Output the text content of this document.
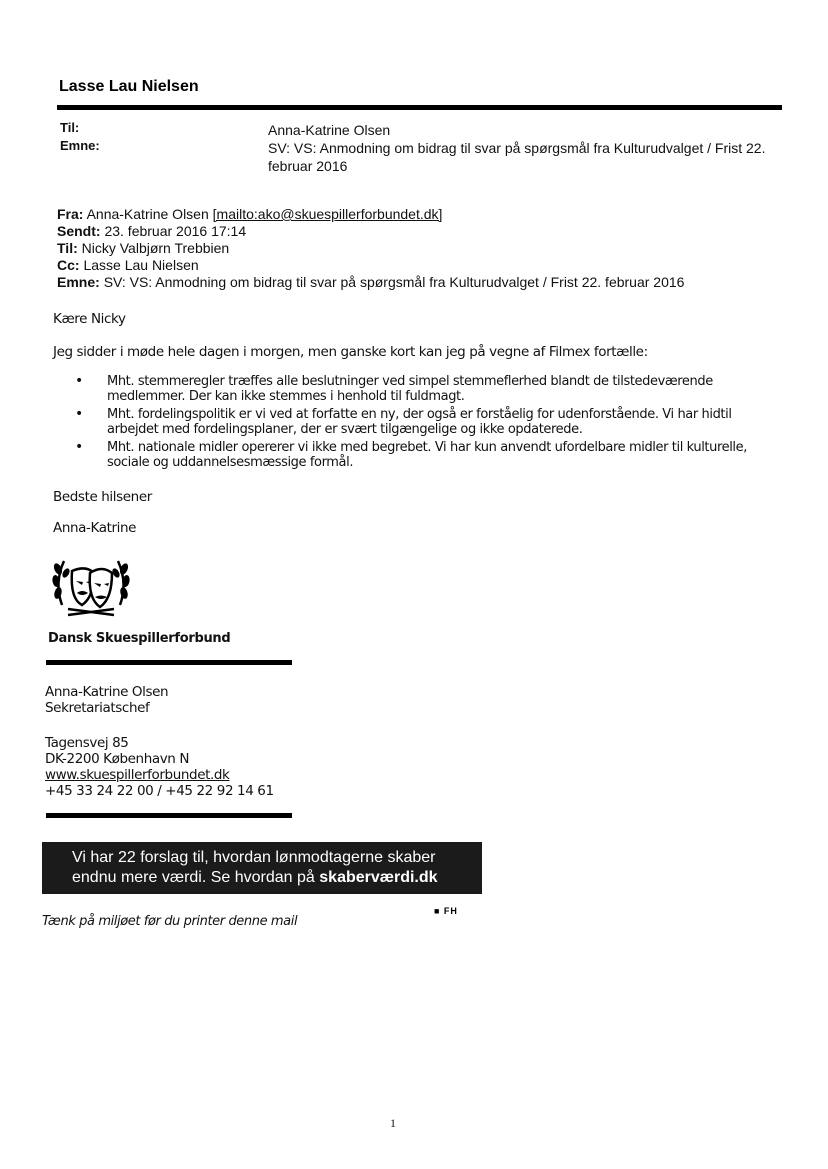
Lasse Lau Nielsen
Til:	Anna-Katrine Olsen
Emne:	SV: VS: Anmodning om bidrag til svar på spørgsmål fra Kulturudvalget / Frist 22. februar 2016
Fra: Anna-Katrine Olsen [mailto:ako@skuespillerforbundet.dk]
Sendt: 23. februar 2016 17:14
Til: Nicky Valbjørn Trebbien
Cc: Lasse Lau Nielsen
Emne: SV: VS: Anmodning om bidrag til svar på spørgsmål fra Kulturudvalget / Frist 22. februar 2016
Kære Nicky
Jeg sidder i møde hele dagen i morgen, men ganske kort kan jeg på vegne af Filmex fortælle:
• Mht. stemmeregler træffes alle beslutninger ved simpel stemmeflerhed blandt de tilstedeværende medlemmer. Der kan ikke stemmes i henhold til fuldmagt.
• Mht. fordelingspolitik er vi ved at forfatte en ny, der også er forståelig for udenforstående. Vi har hidtil arbejdet med fordelingsplaner, der er svært tilgængelige og ikke opdaterede.
• Mht. nationale midler opererer vi ikke med begrebet. Vi har kun anvendt ufordelbare midler til kulturelle, sociale og uddannelsesmæssige formål.
Bedste hilsener
Anna-Katrine
Dansk Skuespillerforbund
Anna-Katrine Olsen
Sekretariatschef
Tagensvej 85
DK-2200 København N
www.skuespillerforbundet.dk
+45 33 24 22 00 / +45 22 92 14 61
Vi har 22 forslag til, hvordan lønmodtagerne skaber
endnu mere værdi. Se hvordan på skaberværdi.dk
■ FH
Tænk på miljøet før du printer denne mail
1
